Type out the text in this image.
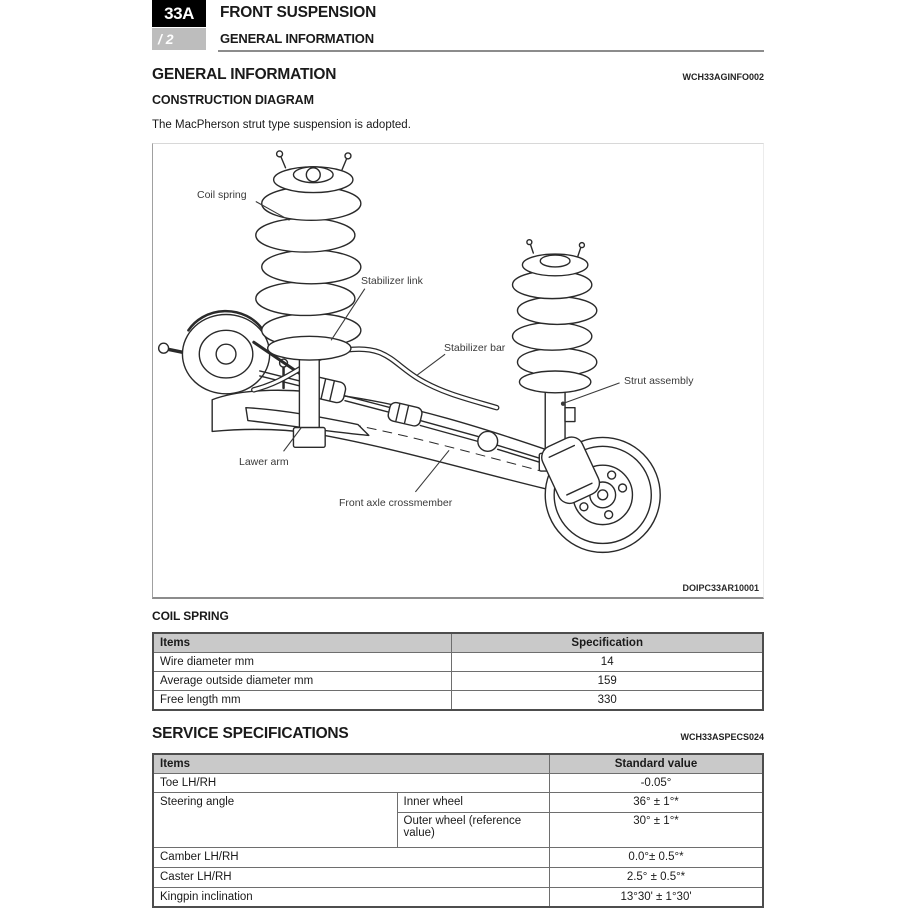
33A
/ 2
FRONT SUSPENSION
GENERAL INFORMATION
GENERAL INFORMATION	WCH33AGINFO002
CONSTRUCTION DIAGRAM
The MacPherson strut type suspension is adopted.
Coil spring
Stabilizer link
Stabilizer bar
Strut assembly
Lawer arm
Front axle crossmember
DOIPC33AR10001
COIL SPRING
Items	Specification
Wire diameter mm	14
Average outside diameter mm	159
Free length mm	330
SERVICE SPECIFICATIONS	WCH33ASPECS024
Items		Standard value
Toe LH/RH		-0.05°
Steering angle	Inner wheel	36° ± 1°*
	Outer wheel (reference value)	30° ± 1°*
Camber LH/RH		0.0°± 0.5°*
Caster LH/RH		2.5° ± 0.5°*
Kingpin inclination		13°30' ± 1°30'
